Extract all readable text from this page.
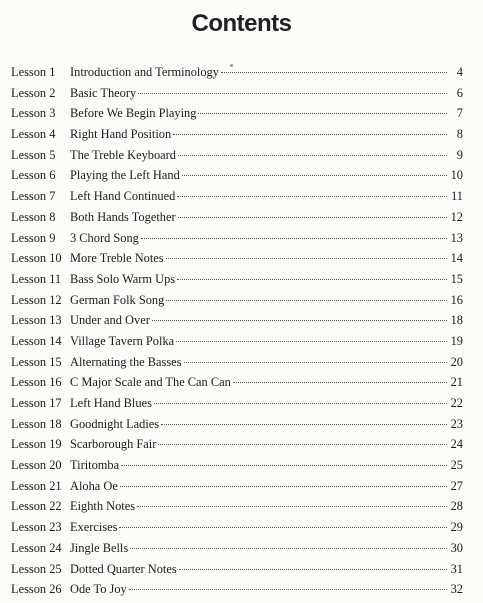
Contents
Lesson 1	Introduction and Terminology	4
Lesson 2	Basic Theory	6
Lesson 3	Before We Begin Playing	7
Lesson 4	Right Hand Position	8
Lesson 5	The Treble Keyboard	9
Lesson 6	Playing the Left Hand	10
Lesson 7	Left Hand Continued	11
Lesson 8	Both Hands Together	12
Lesson 9	3 Chord Song	13
Lesson 10 More Treble Notes	14
Lesson 11 Bass Solo Warm Ups	15
Lesson 12 German Folk Song	16
Lesson 13 Under and Over	18
Lesson 14 Village Tavern Polka	19
Lesson 15 Alternating the Basses	20
Lesson 16 C Major Scale and The Can Can	21
Lesson 17 Left Hand Blues	22
Lesson 18 Goodnight Ladies	23
Lesson 19 Scarborough Fair	24
Lesson 20 Tiritomba	25
Lesson 21 Aloha Oe	27
Lesson 22 Eighth Notes	28
Lesson 23 Exercises	29
Lesson 24 Jingle Bells	30
Lesson 25 Dotted Quarter Notes	31
Lesson 26 Ode To Joy	32
